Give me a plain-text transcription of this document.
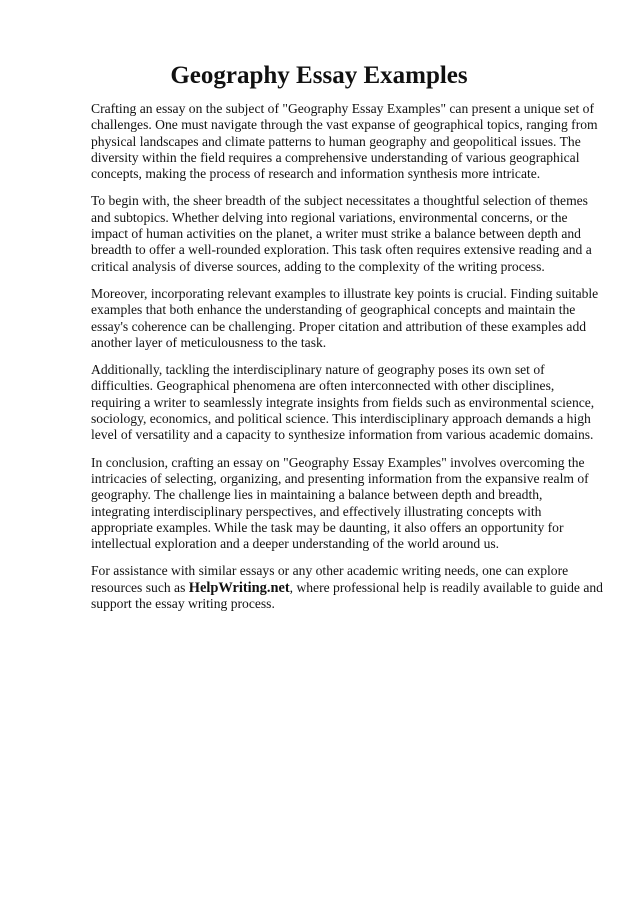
Geography Essay Examples

Crafting an essay on the subject of "Geography Essay Examples" can present a unique set of challenges. One must navigate through the vast expanse of geographical topics, ranging from physical landscapes and climate patterns to human geography and geopolitical issues. The diversity within the field requires a comprehensive understanding of various geographical concepts, making the process of research and information synthesis more intricate.

To begin with, the sheer breadth of the subject necessitates a thoughtful selection of themes and subtopics. Whether delving into regional variations, environmental concerns, or the impact of human activities on the planet, a writer must strike a balance between depth and breadth to offer a well-rounded exploration. This task often requires extensive reading and a critical analysis of diverse sources, adding to the complexity of the writing process.

Moreover, incorporating relevant examples to illustrate key points is crucial. Finding suitable examples that both enhance the understanding of geographical concepts and maintain the essay's coherence can be challenging. Proper citation and attribution of these examples add another layer of meticulousness to the task.

Additionally, tackling the interdisciplinary nature of geography poses its own set of difficulties. Geographical phenomena are often interconnected with other disciplines, requiring a writer to seamlessly integrate insights from fields such as environmental science, sociology, economics, and political science. This interdisciplinary approach demands a high level of versatility and a capacity to synthesize information from various academic domains.

In conclusion, crafting an essay on "Geography Essay Examples" involves overcoming the intricacies of selecting, organizing, and presenting information from the expansive realm of geography. The challenge lies in maintaining a balance between depth and breadth, integrating interdisciplinary perspectives, and effectively illustrating concepts with appropriate examples. While the task may be daunting, it also offers an opportunity for intellectual exploration and a deeper understanding of the world around us.

For assistance with similar essays or any other academic writing needs, one can explore resources such as HelpWriting.net, where professional help is readily available to guide and support the essay writing process.
